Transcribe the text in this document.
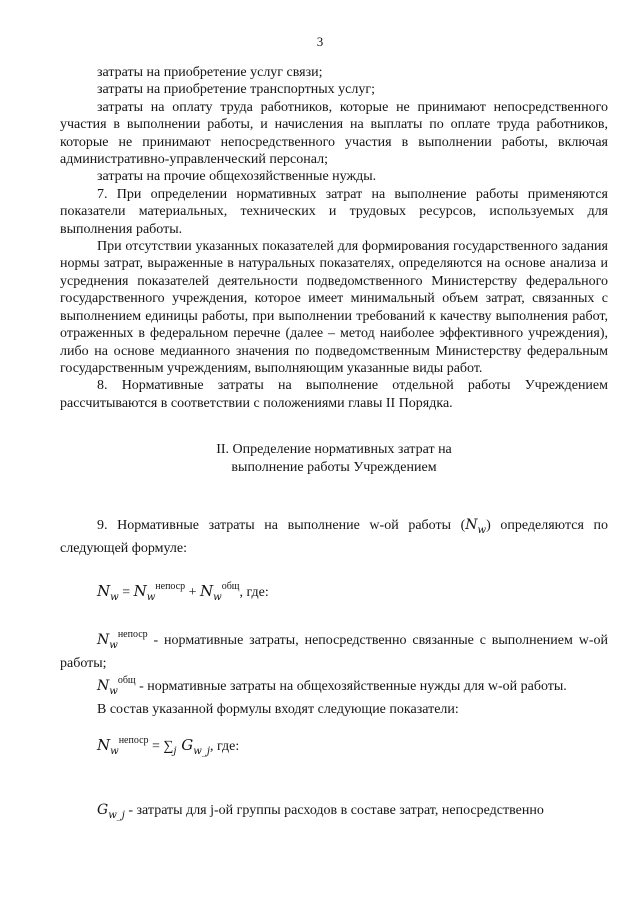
3

затраты на приобретение услуг связи;

затраты на приобретение транспортных услуг;

затраты на оплату труда работников, которые не принимают непосредственного участия в выполнении работы, и начисления на выплаты по оплате труда работников, которые не принимают непосредственного участия в выполнении работы, включая административно-управленческий персонал;

затраты на прочие общехозяйственные нужды.

7. При определении нормативных затрат на выполнение работы применяются показатели материальных, технических и трудовых ресурсов, используемых для выполнения работы.

При отсутствии указанных показателей для формирования государственного задания нормы затрат, выраженные в натуральных показателях, определяются на основе анализа и усреднения показателей деятельности подведомственного Министерству федерального государственного учреждения, которое имеет минимальный объем затрат, связанных с выполнением единицы работы, при выполнении требований к качеству выполнения работ, отраженных в федеральном перечне (далее – метод наиболее эффективного учреждения), либо на основе медианного значения по подведомственным Министерству федеральным государственным учреждениям, выполняющим указанные виды работ.

8. Нормативные затраты на выполнение отдельной работы Учреждением рассчитываются в соответствии с положениями главы II Порядка.

II. Определение нормативных затрат на
выполнение работы Учреждением

9. Нормативные затраты на выполнение w-ой работы $(N_w)$ определяются по следующей формуле:

$N_w = N_w^{непоср} + N_w^{общ}$, где:

$N_w^{непоср}$ - нормативные затраты, непосредственно связанные с выполнением w-ой работы;

$N_w^{общ}$ - нормативные затраты на общехозяйственные нужды для w-ой работы.

В состав указанной формулы входят следующие показатели:

$N_w^{непоср} = \sum_j$ $G_{w\_j}$, где:

$G_{w\_j}$ - затраты для j-ой группы расходов в составе затрат, непосредственно
